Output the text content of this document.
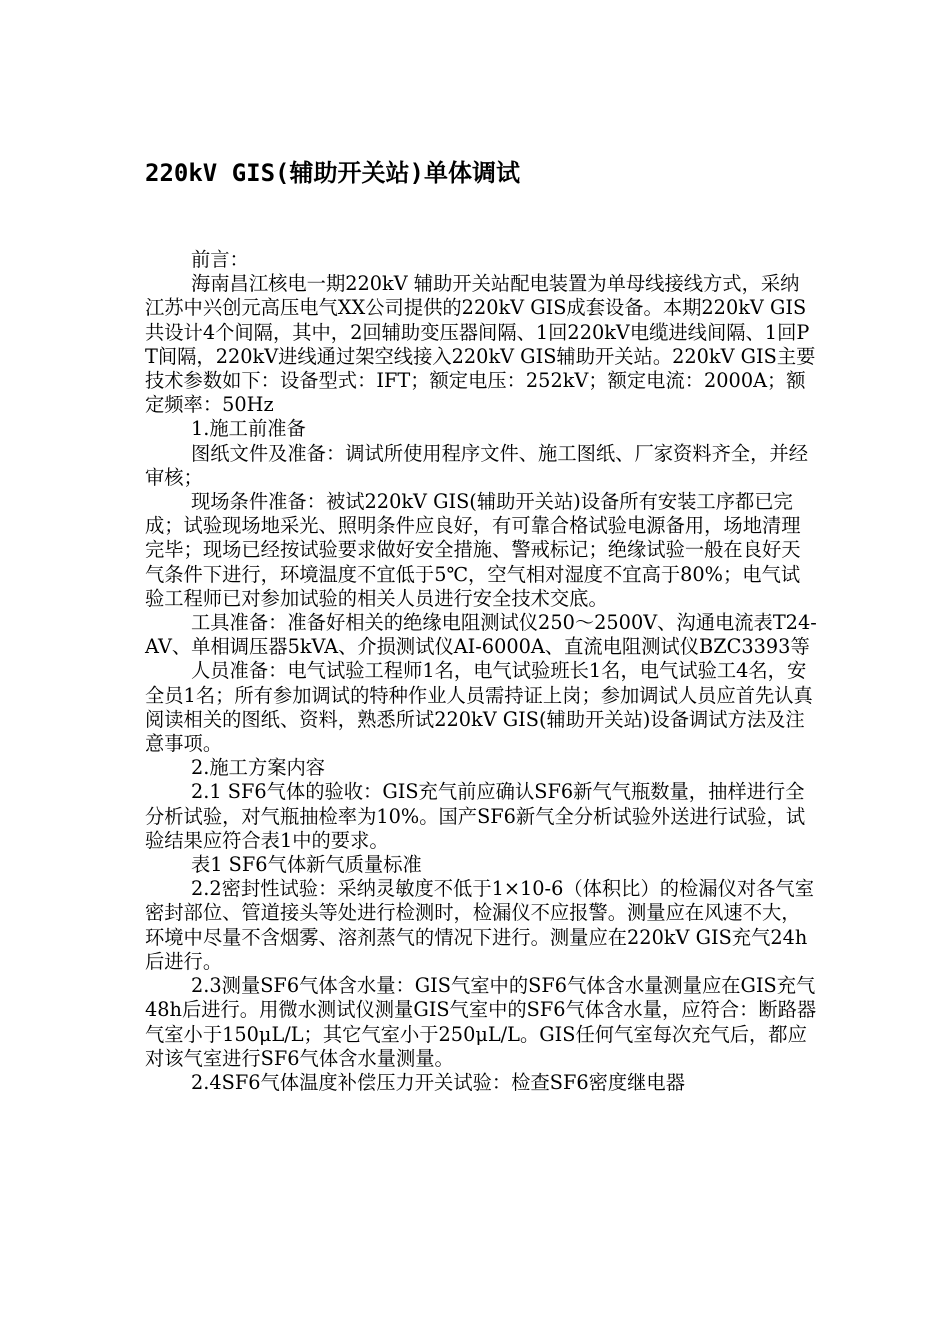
220kV GIS(辅助开关站)单体调试

前言：

海南昌江核电一期220kV 辅助开关站配电装置为单母线接线方式，采纳江苏中兴创元高压电气XX公司提供的220kV GIS成套设备。本期220kV GIS共设计4个间隔，其中，2回辅助变压器间隔、1回220kV电缆进线间隔、1回PT间隔，220kV进线通过架空线接入220kV GIS辅助开关站。220kV GIS主要技术参数如下：设备型式：IFT；额定电压：252kV；额定电流：2000A；额定频率：50Hz

1.施工前准备

图纸文件及准备：调试所使用程序文件、施工图纸、厂家资料齐全，并经审核；

现场条件准备：被试220kV GIS(辅助开关站)设备所有安装工序都已完成；试验现场地采光、照明条件应良好，有可靠合格试验电源备用，场地清理完毕；现场已经按试验要求做好安全措施、警戒标记；绝缘试验一般在良好天气条件下进行，环境温度不宜低于5℃，空气相对湿度不宜高于80%；电气试验工程师已对参加试验的相关人员进行安全技术交底。

工具准备：准备好相关的绝缘电阻测试仪250～2500V、沟通电流表T24-AV、单相调压器5kVA、介损测试仪AI-6000A、直流电阻测试仪BZC3393等

人员准备：电气试验工程师1名，电气试验班长1名，电气试验工4名，安全员1名；所有参加调试的特种作业人员需持证上岗；参加调试人员应首先认真阅读相关的图纸、资料，熟悉所试220kV GIS(辅助开关站)设备调试方法及注意事项。

2.施工方案内容

2.1 SF6气体的验收：GIS充气前应确认SF6新气气瓶数量，抽样进行全分析试验，对气瓶抽检率为10%。国产SF6新气全分析试验外送进行试验，试验结果应符合表1中的要求。

表1 SF6气体新气质量标准

2.2密封性试验：采纳灵敏度不低于1×10-6（体积比）的检漏仪对各气室密封部位、管道接头等处进行检测时，检漏仪不应报警。测量应在风速不大，环境中尽量不含烟雾、溶剂蒸气的情况下进行。测量应在220kV GIS充气24h后进行。

2.3测量SF6气体含水量：GIS气室中的SF6气体含水量测量应在GIS充气48h后进行。用微水测试仪测量GIS气室中的SF6气体含水量，应符合：断路器气室小于150μL/L；其它气室小于250μL/L。GIS任何气室每次充气后，都应对该气室进行SF6气体含水量测量。

2.4SF6气体温度补偿压力开关试验：检查SF6密度继电器
